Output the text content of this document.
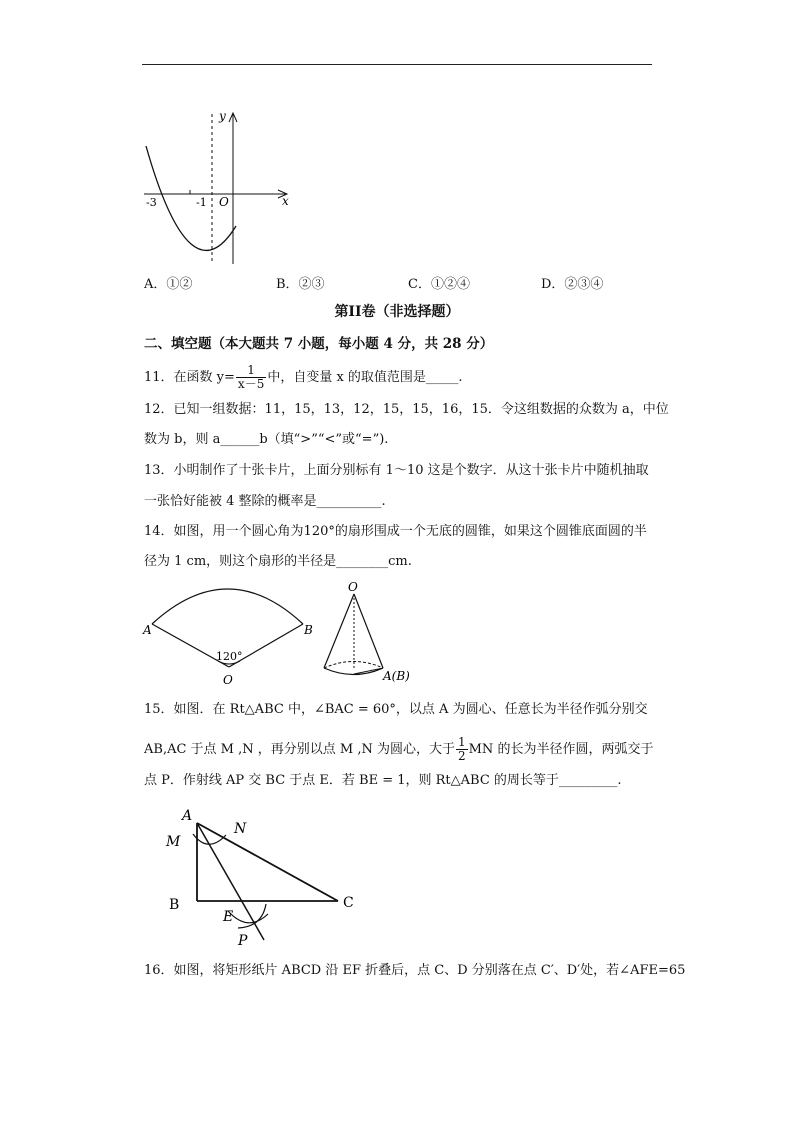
y
x
O
-3	-1
A．①②	B．②③	C．①②④	D．②③④
第II卷（非选择题）
二、填空题（本大题共 7 小题，每小题 4 分，共 28 分）
11．在函数 $y= \frac{1}{x-5}$ 中，自变量 x 的取值范围是_____.
12．已知一组数据：11，15，13，12，15，15，16，15．令这组数据的众数为 a，中位
数为 b，则 a______b（填“>”“<”或“=”).
13．小明制作了十张卡片，上面分别标有 1～10 这是个数字．从这十张卡片中随机抽取
一张恰好能被 4 整除的概率是__________.
14．如图，用一个圆心角为120°的扇形围成一个无底的圆锥，如果这个圆锥底面圆的半
径为 1 cm，则这个扇形的半径是________cm.
A	B
120°
O
O
A(B)
15．如图．在 Rt△ABC 中，∠BAC = 60°，以点 A 为圆心、任意长为半径作弧分别交
AB,AC 于点 M ,N ，再分别以点 M ,N 为圆心，大于 $\frac{1}{2}$ MN 的长为半径作圆，两弧交于
点 P．作射线 AP 交 BC 于点 E．若 BE = 1，则 Rt△ABC 的周长等于_________.
A
M
N
B	C
E
P
16．如图，将矩形纸片 ABCD 沿 EF 折叠后，点 C、D 分别落在点 C′、D′处，若∠AFE=65
